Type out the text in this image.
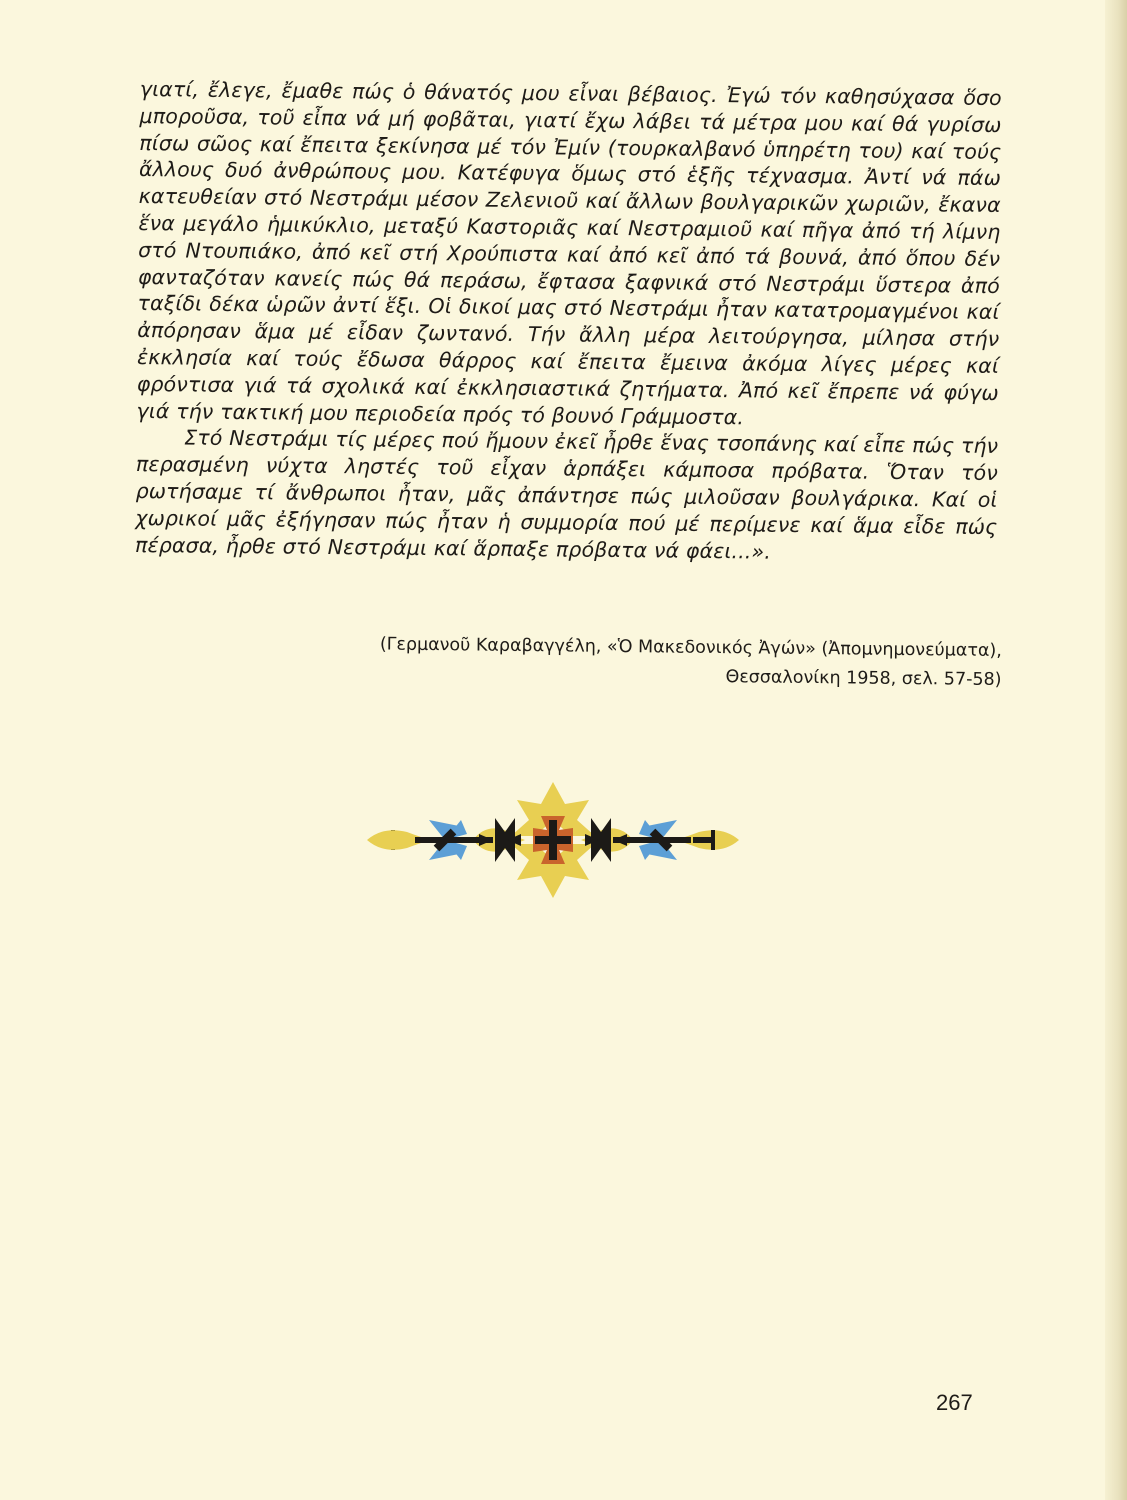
γιατί, ἔλεγε, ἔμαθε πώς ὁ θάνατός μου εἶναι βέβαιος. Ἐγώ τόν καθησύχασα ὅσο μποροῦσα, τοῦ εἶπα νά μή φοβᾶται, γιατί ἔχω λάβει τά μέτρα μου καί θά γυρίσω πίσω σῶος καί ἔπειτα ξεκίνησα μέ τόν Ἐμίν (τουρκαλβανό ὑπηρέτη του) καί τούς ἄλλους δυό ἀνθρώπους μου. Κατέφυγα ὅμως στό ἑξῆς τέχνασμα. Ἀντί νά πάω κατευθείαν στό Νεστράμι μέσον Ζελενιοῦ καί ἄλλων βουλγαρικῶν χωριῶν, ἔκανα ἕνα μεγάλο ἡμικύκλιο, μεταξύ Καστοριᾶς καί Νεστραμιοῦ καί πῆγα ἀπό τή λίμνη στό Ντουπιάκο, ἀπό κεῖ στή Χρούπιστα καί ἀπό κεῖ ἀπό τά βουνά, ἀπό ὅπου δέν φανταζόταν κανείς πώς θά περάσω, ἔφτασα ξαφνικά στό Νεστράμι ὕστερα ἀπό ταξίδι δέκα ὡρῶν ἀντί ἕξι. Οἱ δικοί μας στό Νεστράμι ἦταν κατατρομαγμένοι καί ἀπόρησαν ἅμα μέ εἶδαν ζωντανό. Τήν ἄλλη μέρα λειτούργησα, μίλησα στήν ἐκκλησία καί τούς ἔδωσα θάρρος καί ἔπειτα ἔμεινα ἀκόμα λίγες μέρες καί φρόντισα γιά τά σχολικά καί ἐκκλησιαστικά ζητήματα. Ἀπό κεῖ ἔπρεπε νά φύγω γιά τήν τακτική μου περιοδεία πρός τό βουνό Γράμμοστα.

Στό Νεστράμι τίς μέρες πού ἤμουν ἐκεῖ ἦρθε ἕνας τσοπάνης καί εἶπε πώς τήν περασμένη νύχτα ληστές τοῦ εἶχαν ἁρπάξει κάμποσα πρόβατα. Ὅταν τόν ρωτήσαμε τί ἄνθρωποι ἦταν, μᾶς ἀπάντησε πώς μιλοῦσαν βουλγάρικα. Καί οἱ χωρικοί μᾶς ἐξήγησαν πώς ἦταν ἡ συμμορία πού μέ περίμενε καί ἅμα εἶδε πώς πέρασα, ἦρθε στό Νεστράμι καί ἅρπαξε πρόβατα νά φάει...».

(Γερμανοῦ Καραβαγγέλη, «Ὁ Μακεδονικός Ἀγών» (Ἀπομνημονεύματα),
Θεσσαλονίκη 1958, σελ. 57-58)
267
